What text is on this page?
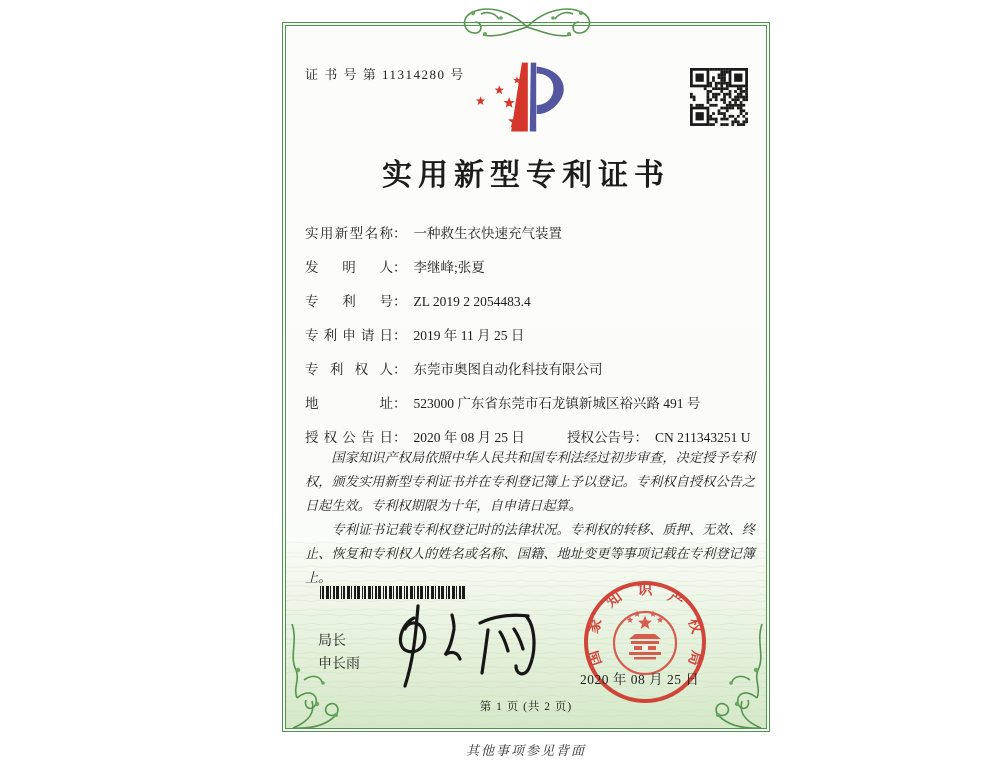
证 书 号 第 11314280 号
实用新型专利证书
实 用 新 型 名 称 ： 一种救生衣快速充气装置
发 明 人 ： 李继峰;张夏
专 利 号 ： ZL 2019 2 2054483.4
专 利 申 请 日 ： 2019 年 11 月 25 日
专 利 权 人 ： 东莞市奥图自动化科技有限公司
地	址 ： 523000 广东省东莞市石龙镇新城区裕兴路 491 号
授 权 公 告 日 ： 2020 年 08 月 25 日	授权公告号： CN 211343251 U

国家知识产权局依照中华人民共和国专利法经过初步审查，决定授予专利权，颁发实用新型专利证书并在专利登记簿上予以登记。专利权自授权公告之日起生效。专利权期限为十年，自申请日起算。

专利证书记载专利权登记时的法律状况。专利权的转移、质押、无效、终止、恢复和专利权人的姓名或名称、国籍、地址变更等事项记载在专利登记簿上。

局长
申长雨	国
家
知 识 产
权
局
2020 年 08 月 25 日
第 1 页 (共 2 页)
其他事项参见背面
